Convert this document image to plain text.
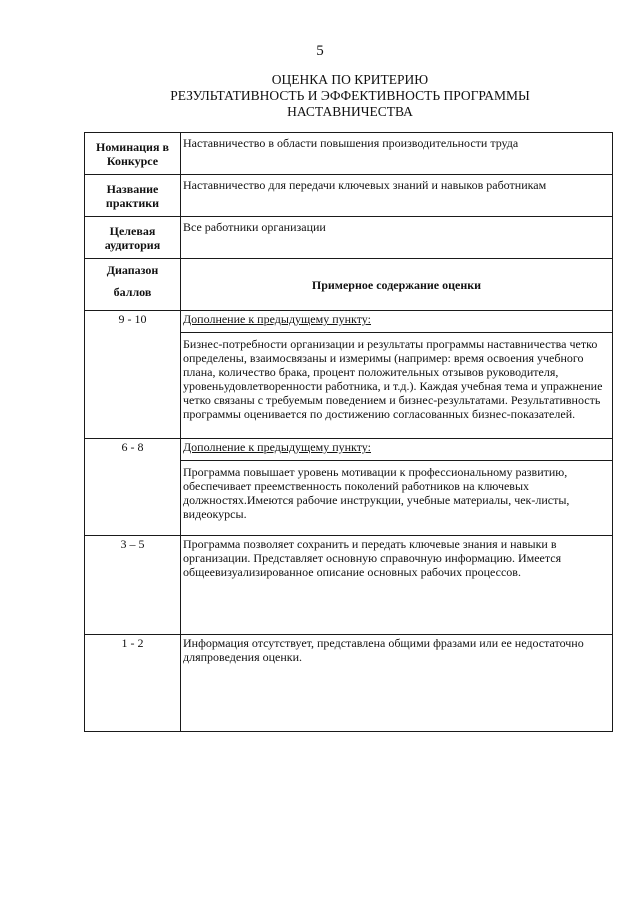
5
ОЦЕНКА ПО КРИТЕРИЮ
РЕЗУЛЬТАТИВНОСТЬ И ЭФФЕКТИВНОСТЬ ПРОГРАММЫ
НАСТАВНИЧЕСТВА
Номинация в
Конкурсе	Наставничество в области повышения производительности труда

Название
практики	Наставничество для передачи ключевых знаний и навыков работникам

Целевая
аудитория	Все работники организации

Диапазон
баллов	Примерное содержание оценки
9 - 10	Дополнение к предыдущему пункту:
Бизнес-потребности организации и результаты программы наставничества четко определены, взаимосвязаны и измеримы (например: время освоения учебного плана, количество брака, процент положительных отзывов руководителя, уровеньудовлетворенности работника, и т.д.). Каждая учебная тема и упражнение четко связаны с требуемым поведением и бизнес-результатами. Результативность программы оценивается по достижению согласованных бизнес-показателей.

6 - 8	Дополнение к предыдущему пункту:
Программа повышает уровень мотивации к профессиональному развитию, обеспечивает преемственность поколений работников на ключевых должностях.Имеются рабочие инструкции, учебные материалы, чек-листы, видеокурсы.

3 – 5	Программа позволяет сохранить и передать ключевые знания и навыки в организации. Представляет основную справочную информацию. Имеется общеевизуализированное описание основных рабочих процессов.

1 - 2	Информация отсутствует, представлена общими фразами или ее недостаточно дляпроведения оценки.
